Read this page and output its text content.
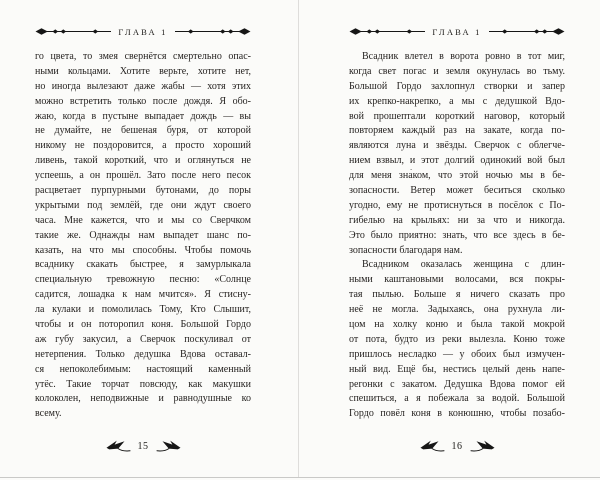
ГЛАВА 1
го цвета, то змея свернётся смертельно опас-
ными кольцами. Хотите верьте, хотите нет,
но иногда вылезают даже жабы — хотя этих
можно встретить только после дождя. Я обо-
жаю, когда в пустыне выпадает дождь — вы
не думайте, не бешеная буря, от которой
никому не поздоровится, а просто хороший
ливень, такой короткий, что и оглянуться не
успеешь, а он прошёл. Зато после него песок
расцветает пурпурными бутонами, до поры
укрытыми под землёй, где они ждут своего
часа. Мне кажется, что и мы со Сверчком
такие же. Однажды нам выпадет шанс по-
казать, на что мы способны. Чтобы помочь
всаднику скакать быстрее, я замурлыкала
специальную тревожную песню: «Солнце
садится, лошадка к нам мчится». Я стисну-
ла кулаки и помолилась Тому, Кто Слышит,
чтобы и он поторопил коня. Большой Гордо
аж губу закусил, а Сверчок поскуливал от
нетерпения. Только дедушка Вдова оставал-
ся непоколебимым: настоящий каменный
утёс. Такие торчат повсюду, как макушки
колоколен, неподвижные и равнодушные ко
всему.
15
ГЛАВА 1
Всадник влетел в ворота ровно в тот миг,
когда свет погас и земля окунулась во тьму.
Большой Гордо захлопнул створки и запер
их крепко-накрепко, а мы с дедушкой Вдо-
вой прошептали короткий наговор, который
повторяем каждый раз на закате, когда по-
являются луна и звёзды. Сверчок с облегче-
нием взвыл, и этот долгий одинокий вой был
для меня зна́ком, что этой ночью мы в бе-
зопасности. Ветер может беситься сколько
угодно, ему не протиснуться в посёлок с По-
гибелью на крыльях: ни за что и никогда.
Это было приятно: знать, что все здесь в бе-
зопасности благодаря нам.
Всадником оказалась женщина с длин-
ными каштановыми волосами, вся покры-
тая пылью. Больше я ничего сказать про
неё не могла. Задыхаясь, она рухнула ли-
цом на холку коню и была такой мокрой
от пота, будто из реки вылезла. Коню тоже
пришлось несладко — у обоих был измучен-
ный вид. Ещё бы, нестись целый день напе-
регонки с закатом. Дедушка Вдова помог ей
спешиться, а я побежала за водой. Большой
Гордо повёл коня в конюшню, чтобы позабо-
16
